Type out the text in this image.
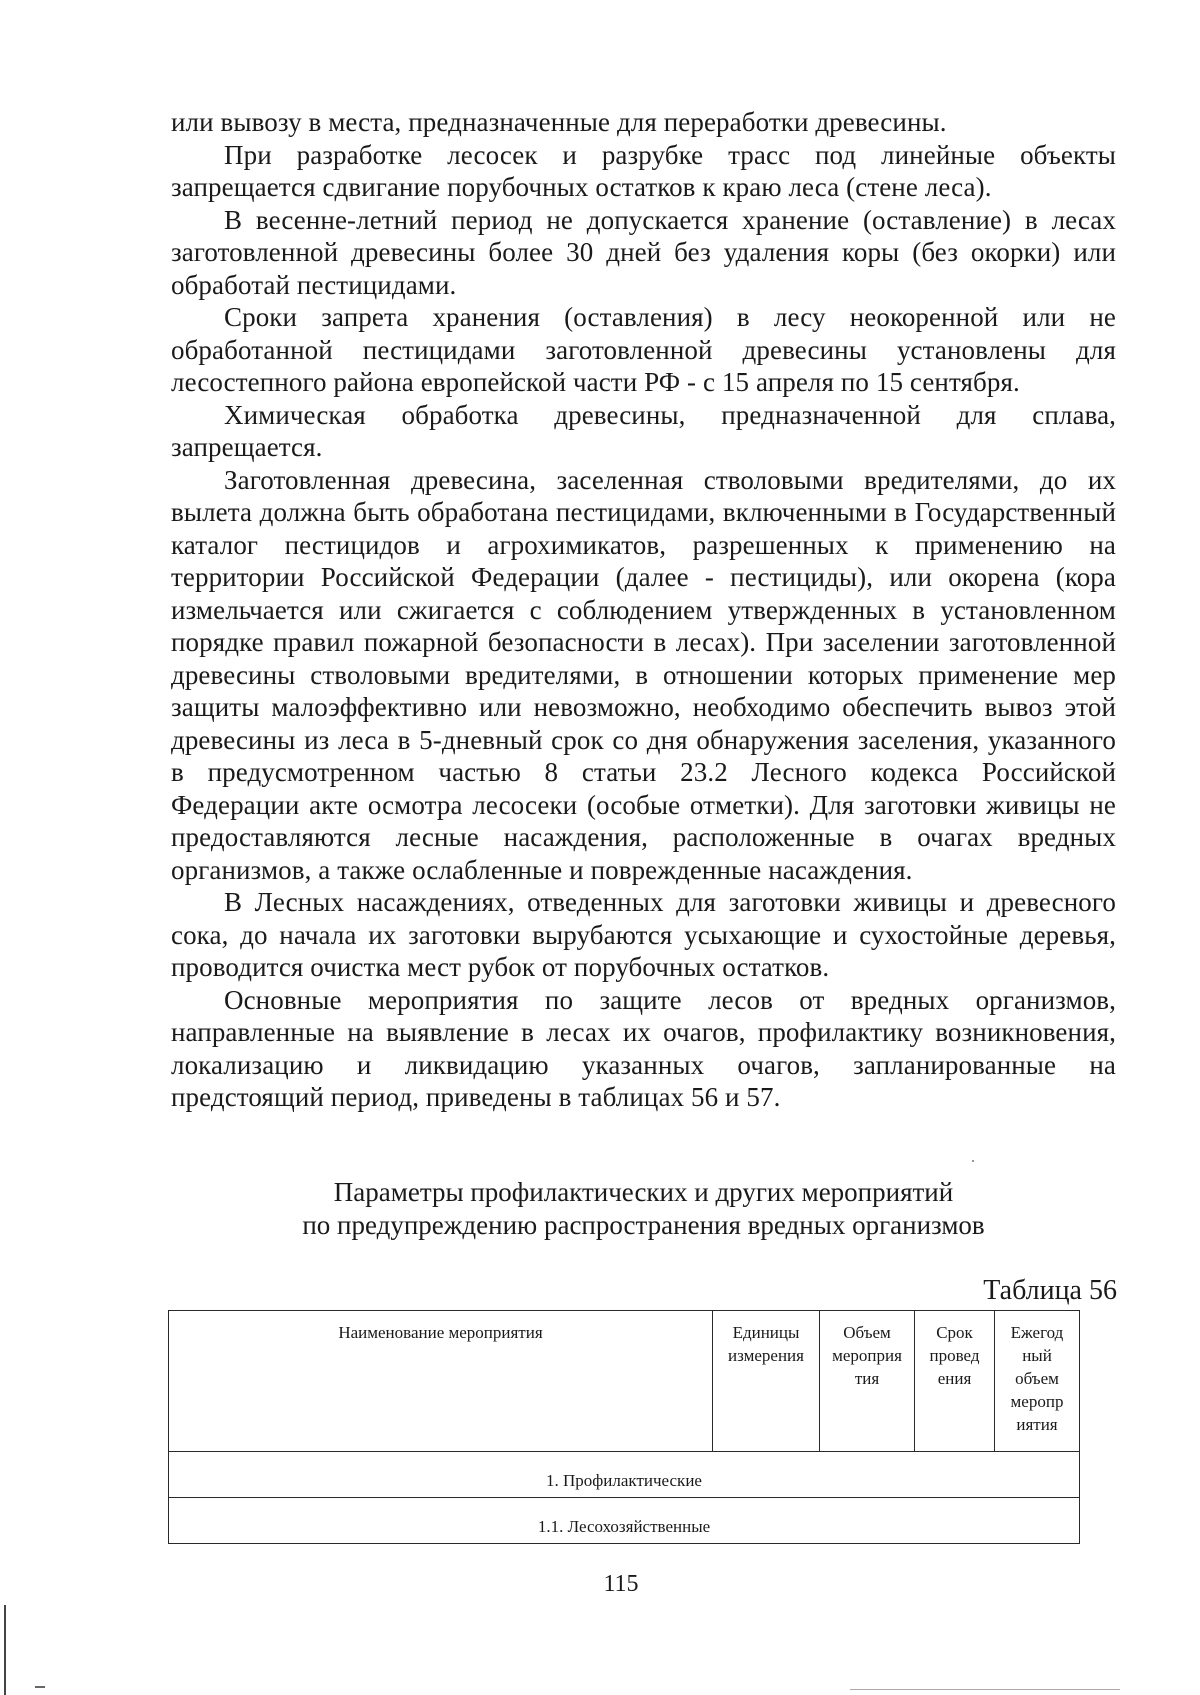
или вывозу в места, предназначенные для переработки древесины.

При разработке лесосек и разрубке трасс под линейные объекты запрещается сдвигание порубочных остатков к краю леса (стене леса).

В весенне-летний период не допускается хранение (оставление) в лесах заготовленной древесины более 30 дней без удаления коры (без окорки) или обработай пестицидами.

Сроки запрета хранения (оставления) в лесу неокоренной или не обработанной пестицидами заготовленной древесины установлены для лесостепного района европейской части РФ - с 15 апреля по 15 сентября.

Химическая обработка древесины, предназначенной для сплава, запрещается.

Заготовленная древесина, заселенная стволовыми вредителями, до их вылета должна быть обработана пестицидами, включенными в Государственный каталог пестицидов и агрохимикатов, разрешенных к применению на территории Российской Федерации (далее - пестициды), или окорена (кора измельчается или сжигается с соблюдением утвержденных в установленном порядке правил пожарной безопасности в лесах). При заселении заготовленной древесины стволовыми вредителями, в отношении которых применение мер защиты малоэффективно или невозможно, необходимо обеспечить вывоз этой древесины из леса в 5-дневный срок со дня обнаружения заселения, указанного в предусмотренном частью 8 статьи 23.2 Лесного кодекса Российской Федерации акте осмотра лесосеки (особые отметки). Для заготовки живицы не предоставляются лесные насаждения, расположенные в очагах вредных организмов, а также ослабленные и поврежденные насаждения.

В Лесных насаждениях, отведенных для заготовки живицы и древесного сока, до начала их заготовки вырубаются усыхающие и сухостойные деревья, проводится очистка мест рубок от порубочных остатков.

Основные мероприятия по защите лесов от вредных организмов, направленные на выявление в лесах их очагов, профилактику возникновения, локализацию и ликвидацию указанных очагов, запланированные на предстоящий период, приведены в таблицах 56 и 57.

Параметры профилактических и других мероприятий
по предупреждению распространения вредных организмов
Таблица 56
Наименование мероприятия	Единицы измерения	Объем мероприя тия	Срок провед ения	Ежегод ный объем меропр иятия
1. Профилактические
1.1. Лесохозяйственные
115
